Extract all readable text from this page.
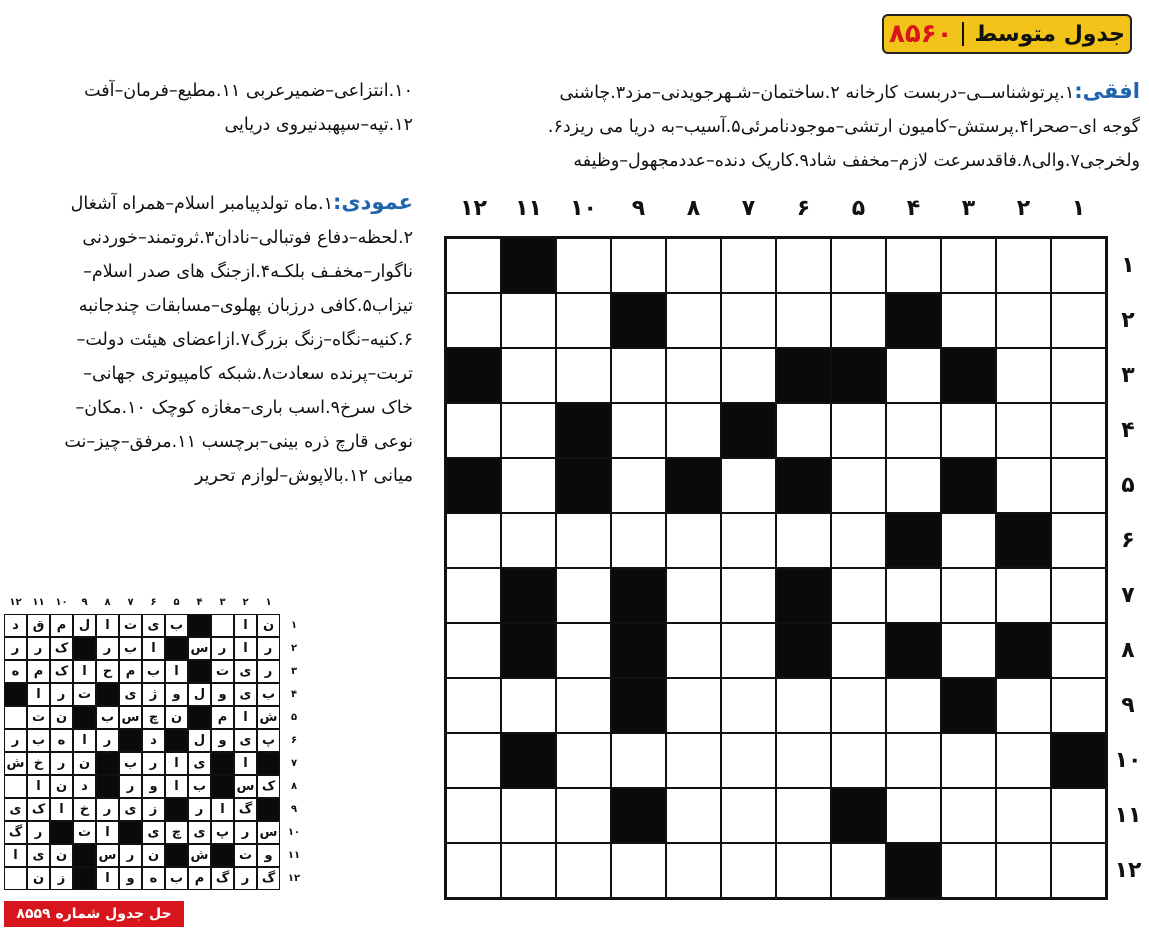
جدول متوسط
۸۵۶۰
افقی:۱.پرتوشناســی–دربست کارخانه ۲.ساختمان–شـهرجویدنی–مزد۳.چاشنی
گوجه ای–صحرا۴.پرستش–کامیون ارتشی–موجودنامرئی۵.آسیب–به دریا می ریزد۶.
ولخرجی۷.والی۸.فاقدسرعت لازم–مخفف شاد۹.کاریک دنده–عددمجهول–وظیفه
۱۰.انتزاعی–ضمیرعربی ۱۱.مطیع–فرمان–آفت
۱۲.تپه–سپهبدنیروی دریایی
عمودی:۱.ماه تولدپیامبر اسلام–همراه آشغال
۲.لحظه–دفاع فوتبالی–نادان۳.ثروتمند–خوردنی
ناگوار–مخفـف بلکـه۴.ازجنگ های صدر اسلام–
تیزاب۵.کافی درزبان پهلوی–مسابقات چندجانبه
۶.کنیه–نگاه–زنگ بزرگ۷.ازاعضای هیئت دولت–
تربت–پرنده سعادت۸.شبکه کامپیوتری جهانی–
خاک سرخ۹.اسب باری–مغازه کوچک ۱۰.مکان–
نوعی قارچ ذره بینی–برچسب ۱۱.مرفق–چیز–نت
میانی ۱۲.بالاپوش–لوازم تحریر
۱
۲
۳
۴
۵
۶
۷
۸
۹
۱۰
۱۱
۱۲
۱
۲
۳
۴
۵
۶
۷
۸
۹
۱۰
۱۱
۱۲
۱
۲
۳
۴
۵
۶
۷
۸
۹
۱۰
۱۱
۱۲
۱
۲
۳
۴
۵
۶
۷
۸
۹
۱۰
۱۱
۱۲
ن
ا
ب
ی
ت
ا
ل
م
ق
د
ر
ا
ر
س
ا
ب
ر
ک
ر
ر
ر
ی
ت
ا
ب
م
ح
ا
ک
م
ه
ب
ی
و
ل
و
ژ
ی
ت
ر
ا
ش
ا
م
ن
چ
س
ب
ن
ت
پ
ی
و
ل
د
ر
ا
ه
ب
ر
ا
ی
ا
ر
ب
ن
ر
خ
ش
ک
س
ب
ا
و
ر
د
ن
ا
گ
ا
ر
ز
ی
ر
خ
ا
ک
ی
س
ر
پ
ی
چ
ی
ا
ت
ر
گ
و
ت
ش
ن
ر
س
ن
ی
ا
گ
ر
گ
م
ب
ه
و
ا
ز
ن
حل جدول شماره ۸۵۵۹
